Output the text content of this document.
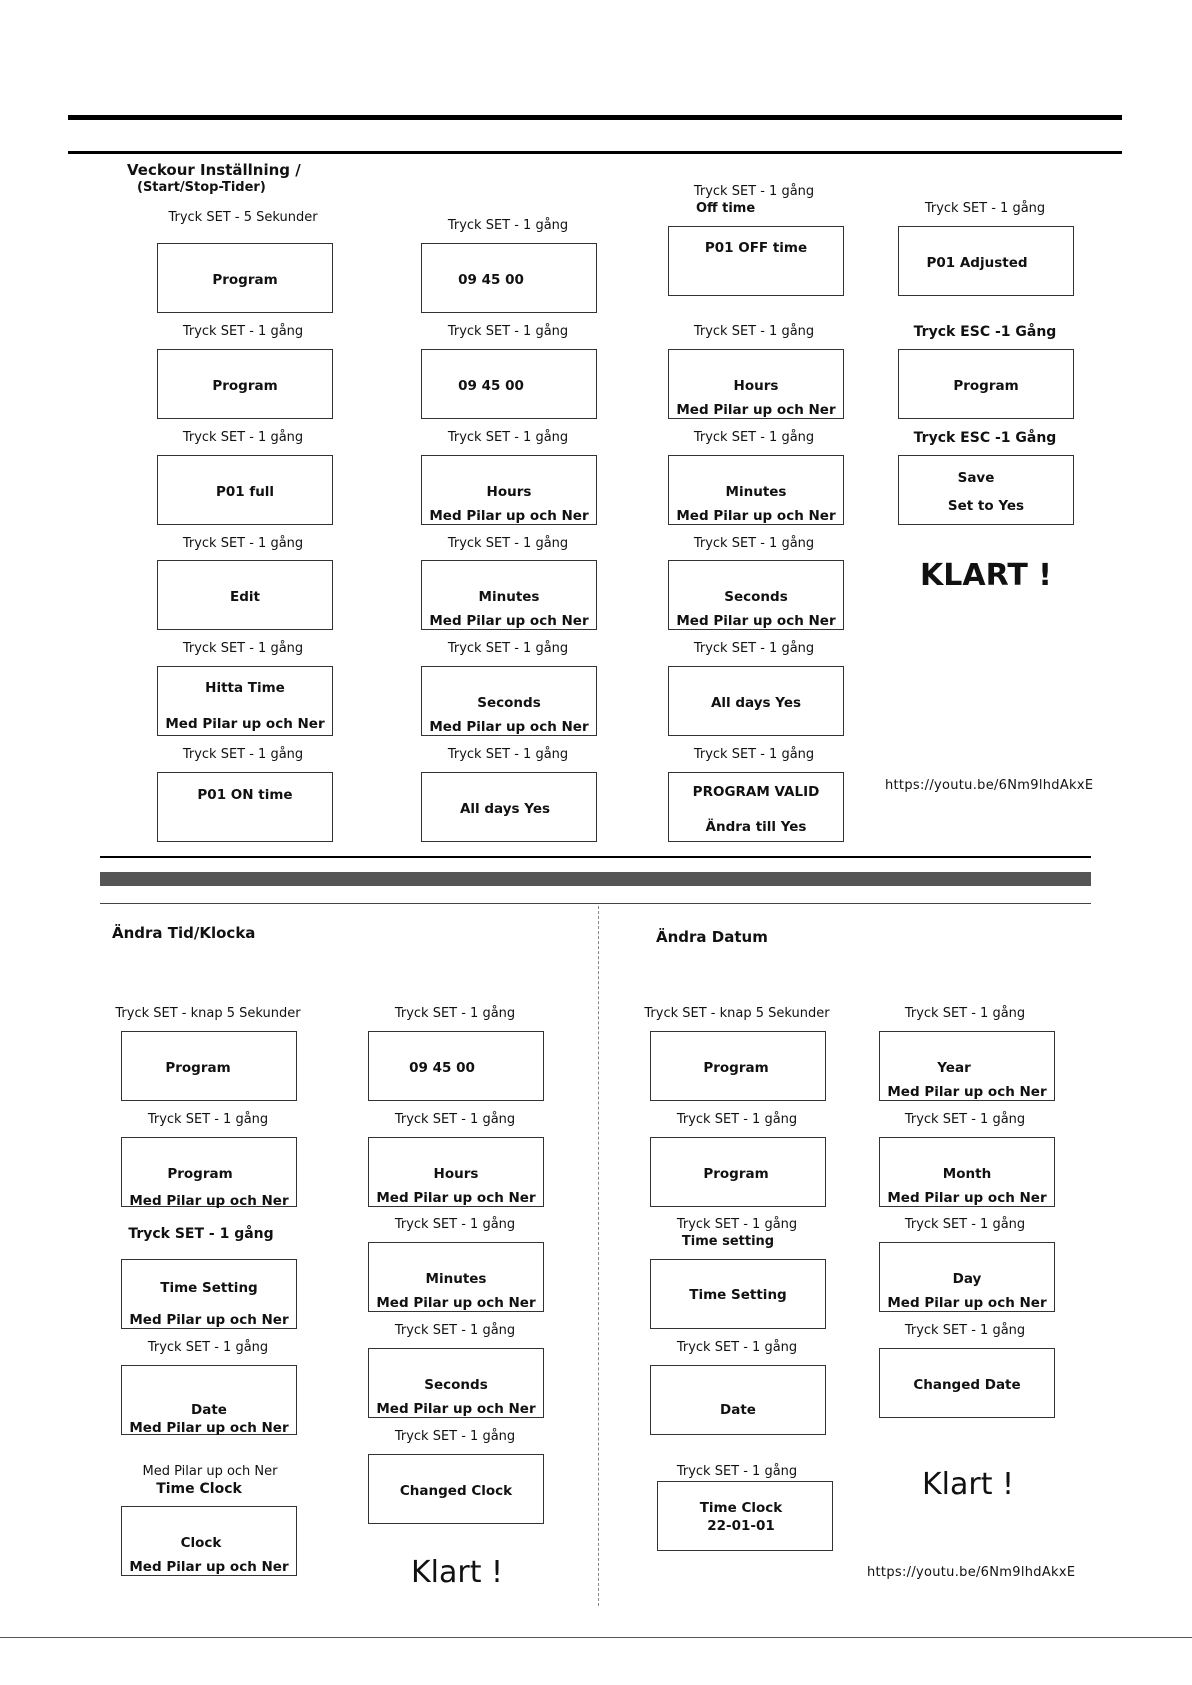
Veckour Inställning /
(Start/Stop-Tider)
Tryck SET - 5 Sekunder
Program
Tryck SET - 1 gång
Program
Tryck SET - 1 gång
P01 full
Tryck SET - 1 gång
Edit
Tryck SET - 1 gång
Hitta Time
Med Pilar up och Ner
Tryck SET - 1 gång
P01 ON time
Tryck SET - 1 gång
09 45 00
Tryck SET - 1 gång
09 45 00
Tryck SET - 1 gång
Hours
Med Pilar up och Ner
Tryck SET - 1 gång
Minutes
Med Pilar up och Ner
Tryck SET - 1 gång
Seconds
Med Pilar up och Ner
Tryck SET - 1 gång
All days Yes
Tryck SET - 1 gång
Off time
P01 OFF time
Tryck SET - 1 gång
Hours
Med Pilar up och Ner
Tryck SET - 1 gång
Minutes
Med Pilar up och Ner
Tryck SET - 1 gång
Seconds
Med Pilar up och Ner
Tryck SET - 1 gång
All days Yes
Tryck SET - 1 gång
PROGRAM VALID
Ändra till Yes
Tryck SET - 1 gång
P01 Adjusted
Tryck ESC -1 Gång
Program
Tryck ESC -1 Gång
Save
Set to Yes
KLART !
https://youtu.be/6Nm9lhdAkxE
Ändra Tid/Klocka
Tryck SET - knap 5 Sekunder
Program
Tryck SET - 1 gång
Program
Med Pilar up och Ner
Tryck SET - 1 gång
Time Setting
Med Pilar up och Ner
Tryck SET - 1 gång
Date
Med Pilar up och Ner
Med Pilar up och Ner
Time Clock
Clock
Med Pilar up och Ner
Tryck SET - 1 gång
09 45 00
Tryck SET - 1 gång
Hours
Med Pilar up och Ner
Tryck SET - 1 gång
Minutes
Med Pilar up och Ner
Tryck SET - 1 gång
Seconds
Med Pilar up och Ner
Tryck SET - 1 gång
Changed Clock
Klart !
Ändra Datum
Tryck SET - knap 5 Sekunder
Program
Tryck SET - 1 gång
Program
Tryck SET - 1 gång
Time setting
Time Setting
Tryck SET - 1 gång
Date
Tryck SET - 1 gång
Time Clock
22-01-01
Tryck SET - 1 gång
Year
Med Pilar up och Ner
Tryck SET - 1 gång
Month
Med Pilar up och Ner
Tryck SET - 1 gång
Day
Med Pilar up och Ner
Tryck SET - 1 gång
Changed Date
Klart !
https://youtu.be/6Nm9lhdAkxE
